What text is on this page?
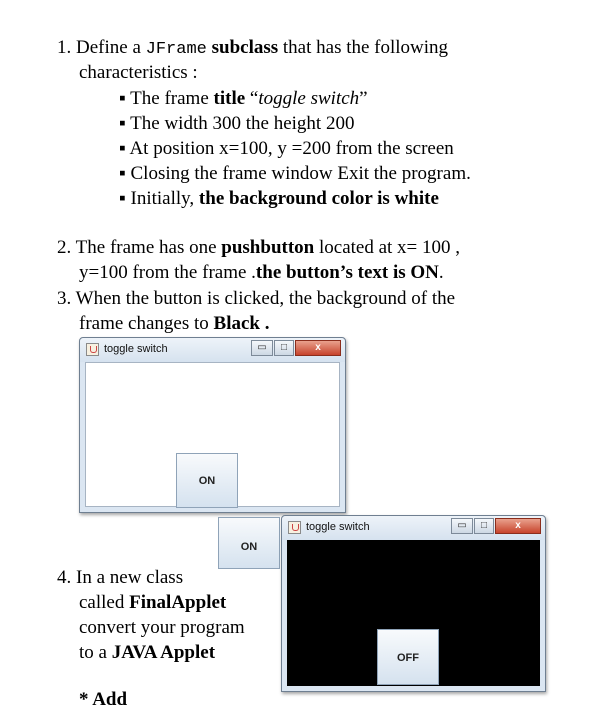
1. Define a JFrame subclass that has the following
characteristics :
▪ The frame title “toggle switch”
▪ The width 300 the height 200
▪ At position x=100, y =200 from the screen
▪ Closing the frame window Exit the program.
▪ Initially, the background color is white
2. The frame has one pushbutton located at x= 100 ,
y=100 from the frame .the button’s text is ON.
3. When the button is clicked, the background of the
frame changes to Black .
toggle switch	▭	□	x
ON
ON
toggle switch	▭	□	x
OFF
4. In a new class
called FinalApplet
convert your program
to a JAVA Applet
* Add
